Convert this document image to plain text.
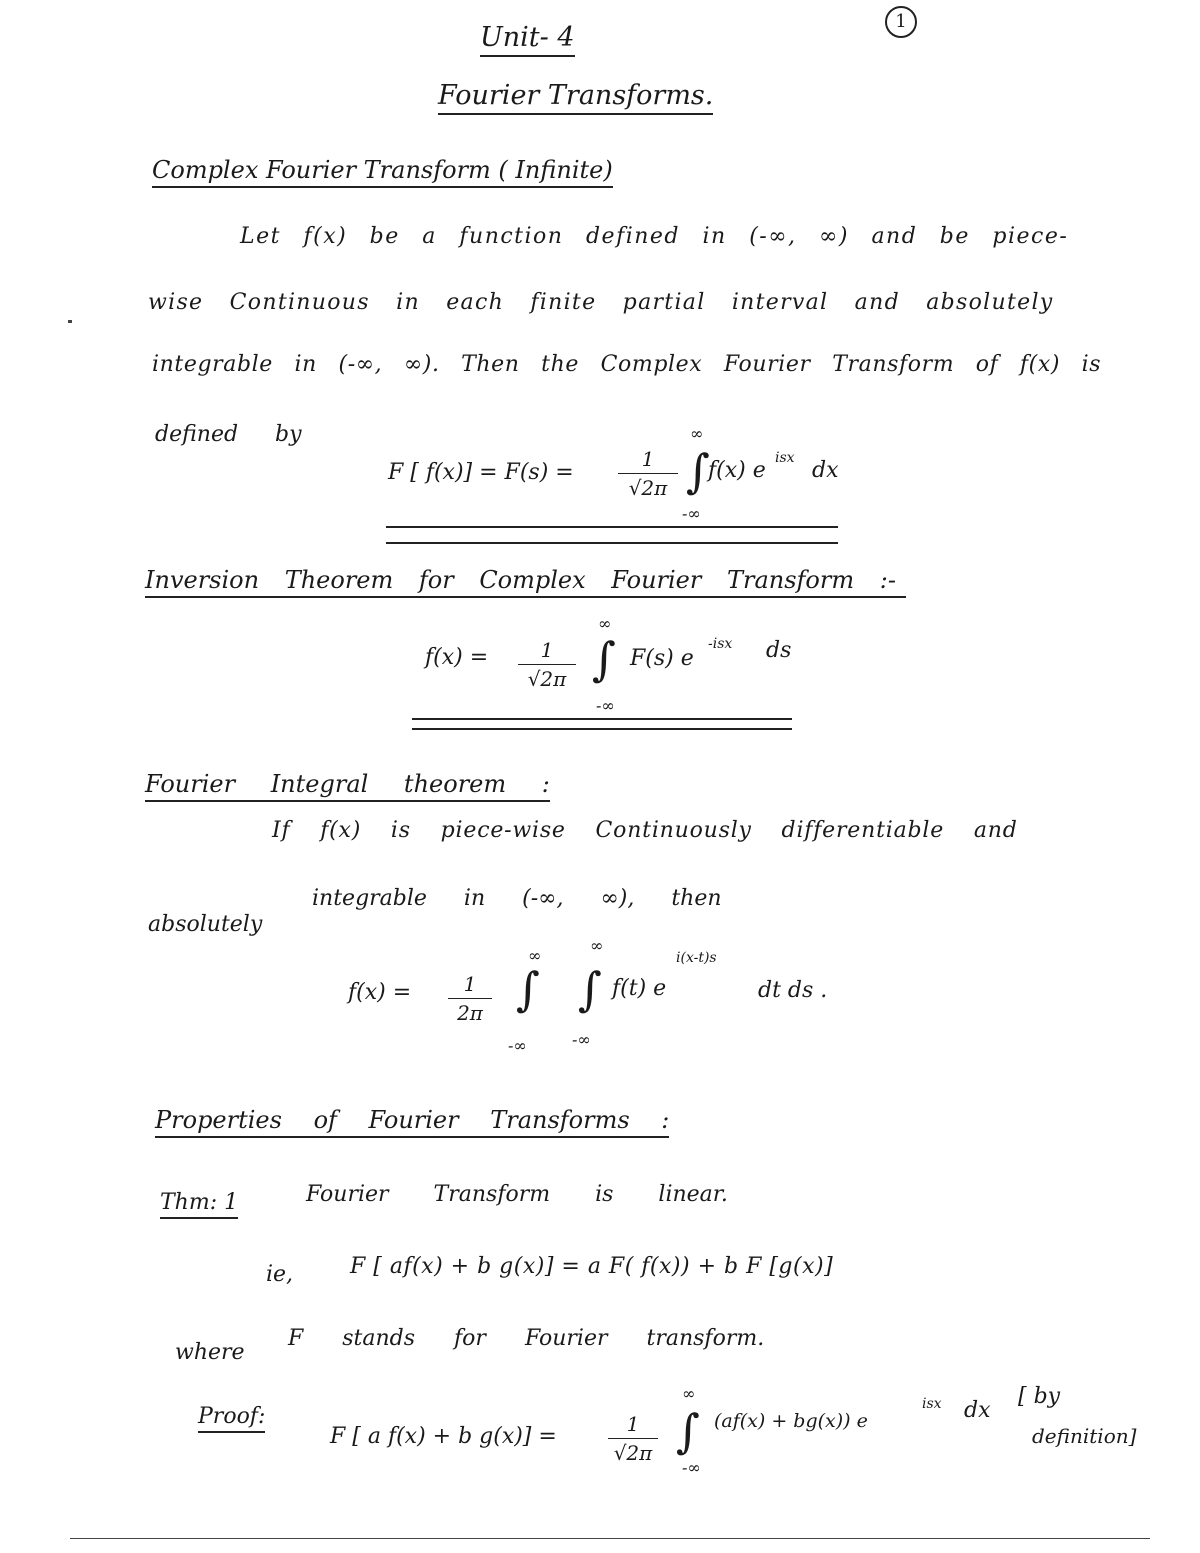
Unit- 4
1
Fourier Transforms.
Complex Fourier Transform ( Infinite)
Let f(x) be a function defined in (-∞, ∞) and be piece-
wise Continuous in each finite partial interval and absolutely
integrable in (-∞, ∞). Then the Complex Fourier Transform of f(x) is
defined by
F [ f(x)] = F(s) =
1
√2π ∫
∞
-∞
f(x) e isx dx
Inversion Theorem for Complex Fourier Transform :-
f(x) =	1
√2π ∫
∞
-∞
F(s) e
-isx ds
Fourier Integral theorem :
If f(x) is piece-wise Continuously differentiable and
absolutely
integrable in (-∞, ∞), then
f(x) =	1
2π ∫
∞
-∞
∫
∞
-∞
f(t) e
i(x-t)s
dt ds .
Properties of Fourier Transforms :
Thm: 1	Fourier Transform is linear.
ie,	F [ af(x) + b g(x)] = a F( f(x)) + b F [g(x)]
where
F stands for Fourier transform.
Proof:
F [ a f(x) + b g(x)] =	1
√2π ∫
∞
-∞
(af(x) + bg(x)) e
isx dx
[ by
definition]
